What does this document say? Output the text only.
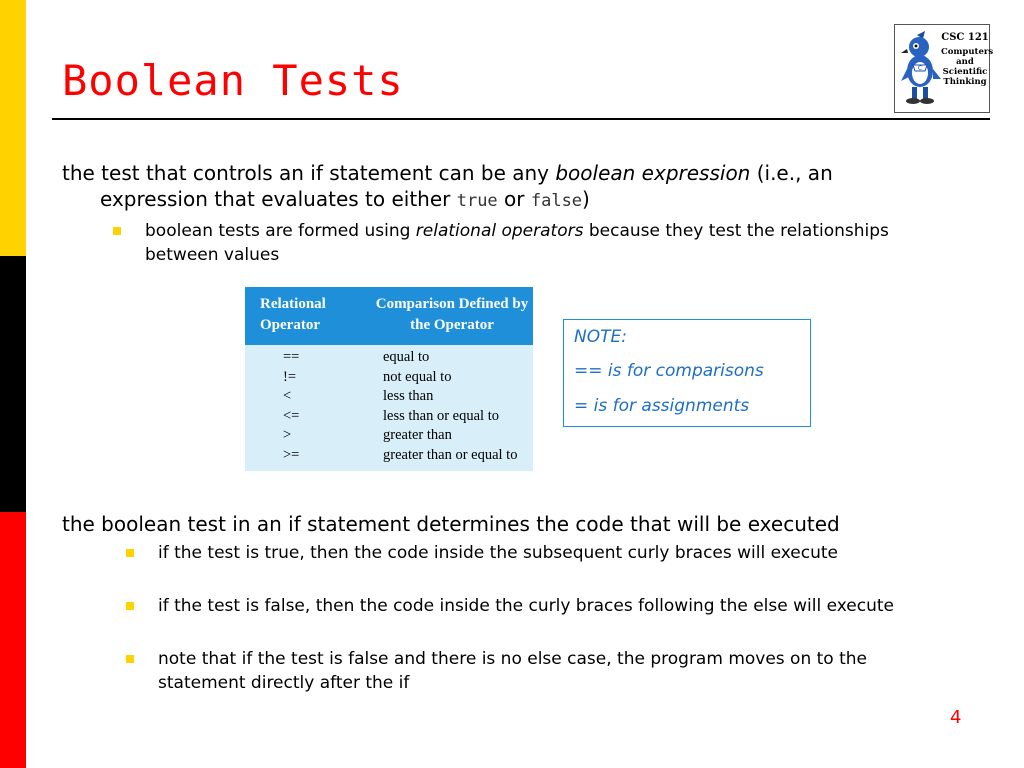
Boolean Tests	C
CSC 121
Computers
and
Scientific
Thinking
the test that controls an if statement can be any boolean expression (i.e., an
expression that evaluates to either true or false)
boolean tests are formed using relational operators because they test the relationships between values
Relational Operator
Comparison Defined by the Operator
==	equal to
!=	not equal to
<	less than
<=	less than or equal to
>	greater than
>=	greater than or equal to
NOTE:
== is for comparisons
= is for assignments
the boolean test in an if statement determines the code that will be executed
if the test is true, then the code inside the subsequent curly braces will execute
if the test is false, then the code inside the curly braces following the else will execute
note that if the test is false and there is no else case, the program moves on to the statement directly after the if
4
